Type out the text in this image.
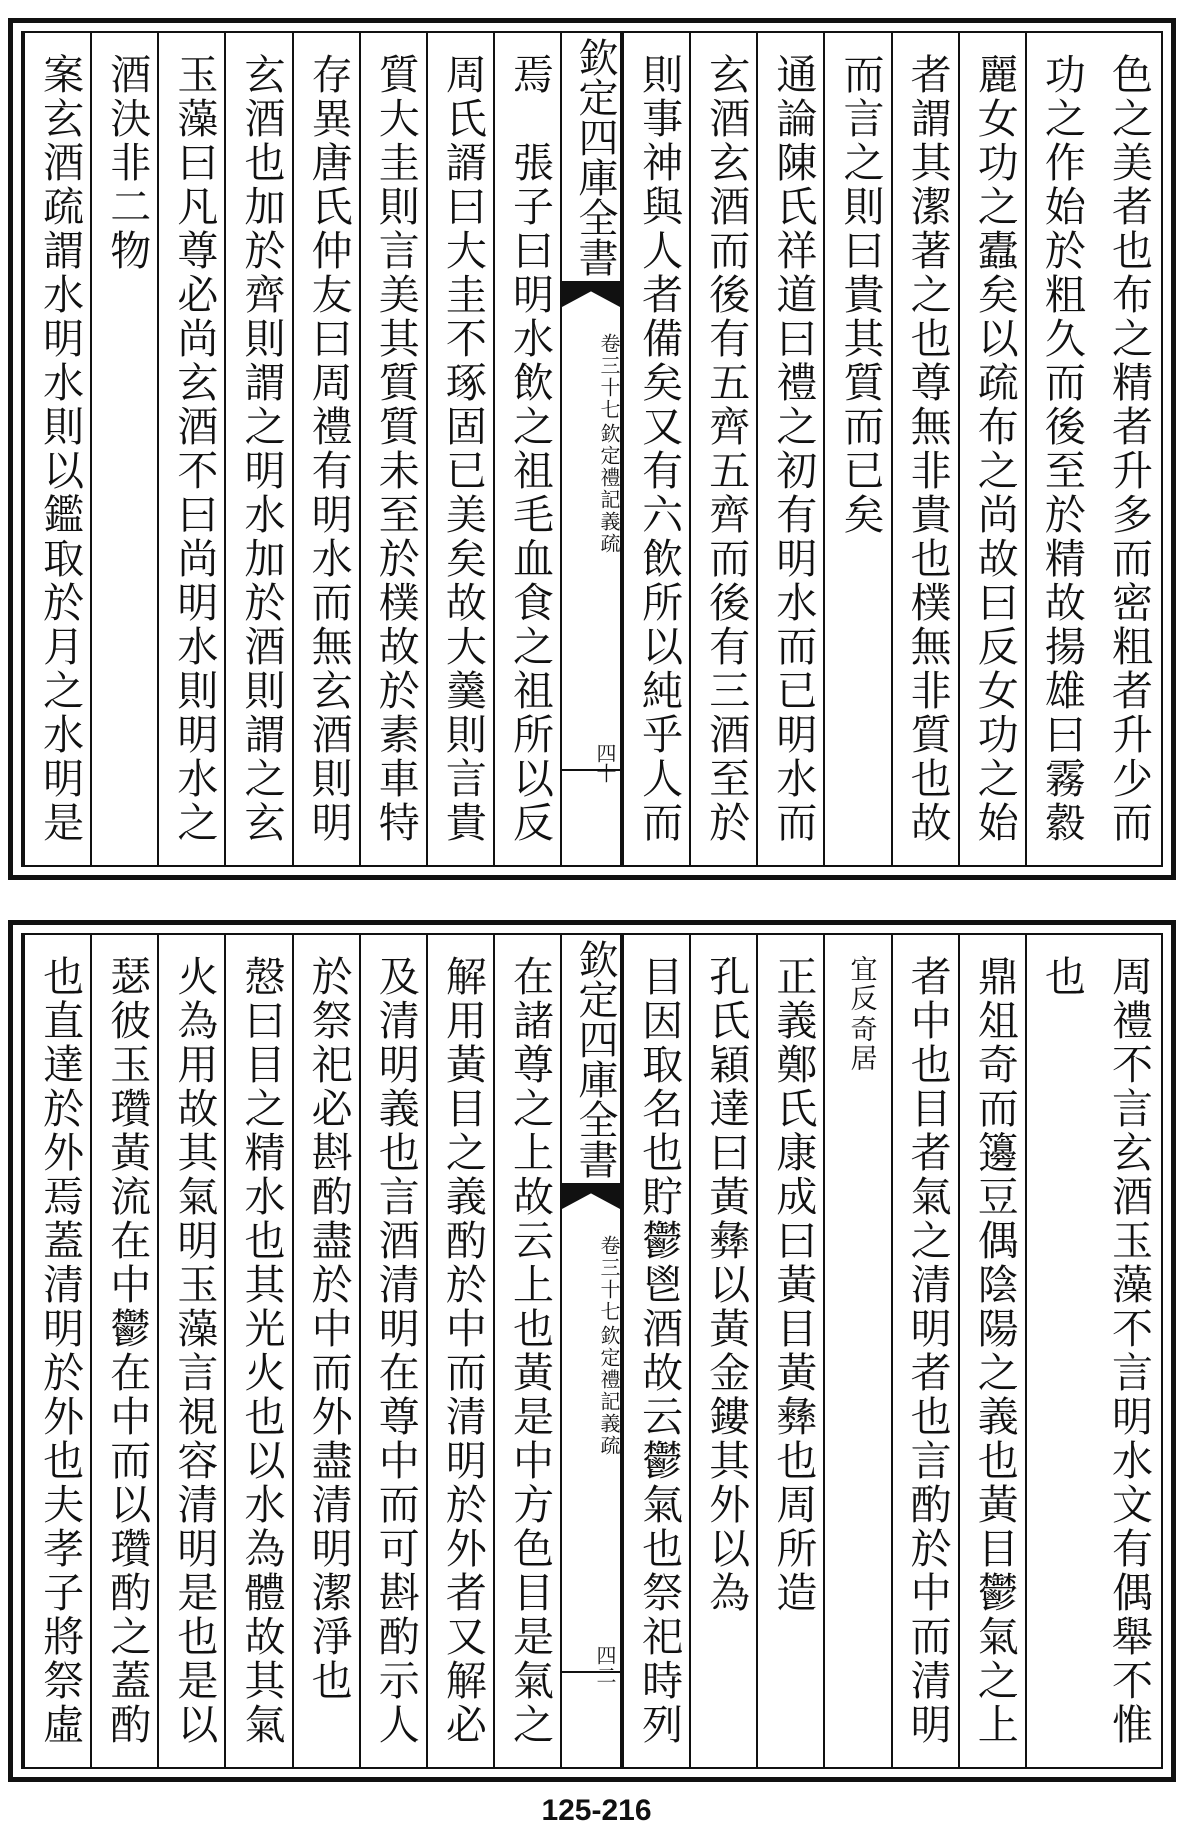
色之美者也布之精者升多而密粗者升少而
功之作始於粗久而後至於精故揚雄曰霧縠
麗女功之蠹矣以疏布之尚故曰反女功之始
者謂其潔著之也尊無非貴也樸無非質也故
而言之則曰貴其質而已矣
通論陳氏祥道曰禮之初有明水而已明水而
玄酒玄酒而後有五齊五齊而後有三酒至於
則事神與人者備矣又有六飲所以純乎人而
焉　張子曰明水飲之祖毛血食之祖所以反
周氏諝曰大圭不琢固已美矣故大羹則言貴
質大圭則言美其質質未至於樸故於素車特
存異唐氏仲友曰周禮有明水而無玄酒則明
玄酒也加於齊則謂之明水加於酒則謂之玄
玉藻曰凡尊必尚玄酒不曰尚明水則明水之
酒決非二物
案玄酒疏謂水明水則以鑑取於月之水明是
欽定四庫全書
欽定禮記義疏
卷三十七
四十
周禮不言玄酒玉藻不言明水文有偶舉不惟
也
鼎俎奇而籩豆偶陰陽之義也黃目鬱氣之上
者中也目者氣之清明者也言酌於中而清明
奇居
宜反
正義鄭氏康成曰黃目黃彝也周所造
孔氏穎達曰黃彝以黃金鏤其外以為
目因取名也貯鬱鬯酒故云鬱氣也祭祀時列
在諸尊之上故云上也黃是中方色目是氣之
解用黃目之義酌於中而清明於外者又解必
及清明義也言酒清明在尊中而可斟酌示人
於祭祀必斟酌盡於中而外盡清明潔淨也　
慤曰目之精水也其光火也以水為體故其氣
火為用故其氣明玉藻言視容清明是也是以
瑟彼玉瓚黃流在中鬱在中而以瓚酌之蓋酌
也直達於外焉蓋清明於外也夫孝子將祭虛
欽定四庫全書
欽定禮記義疏
卷三十七
四二
125-216
